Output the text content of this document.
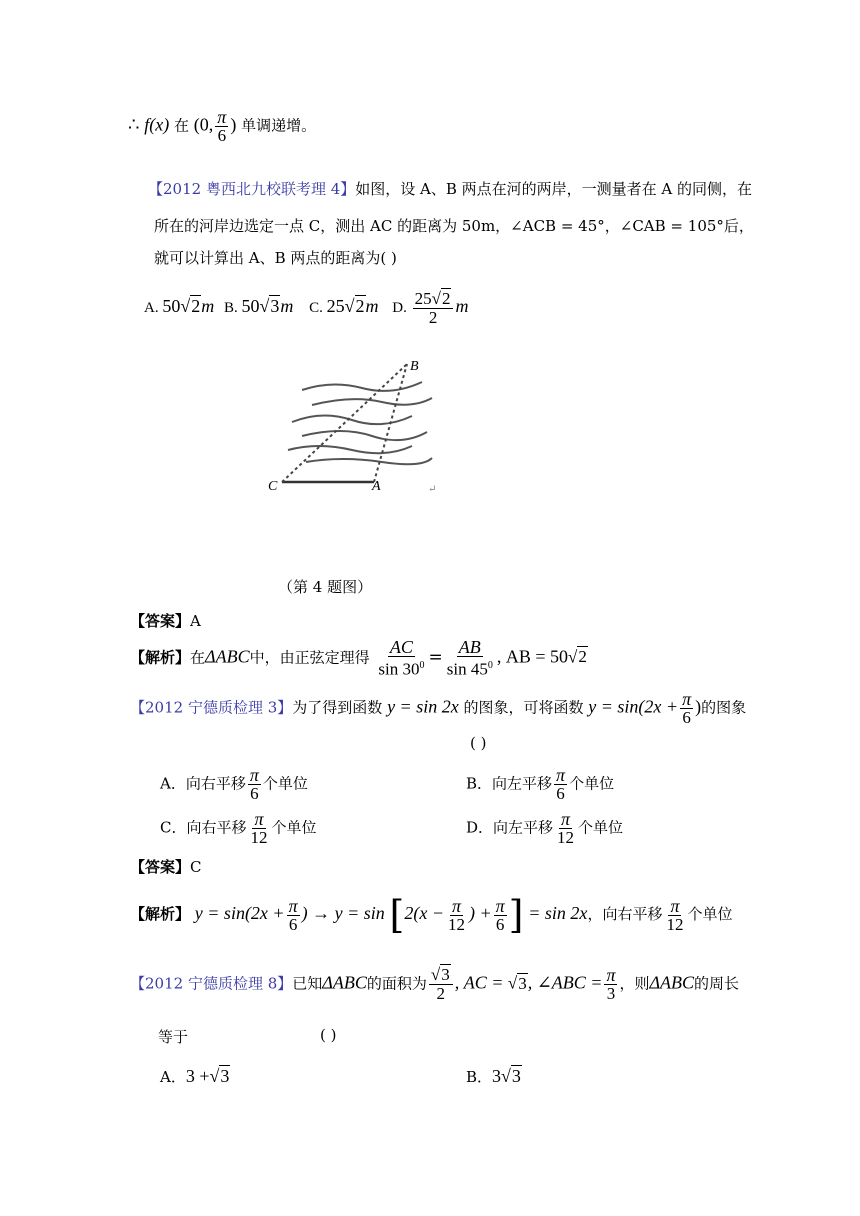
∴ f(x) 在 (0, $\frac{\pi}{6}$ ) 单调递增。
【2012 粤西北九校联考理 4】如图，设 A、B 两点在河的两岸，一测量者在 A 的同侧，在
所在的河岸边选定一点 C，测出 AC 的距离为 50m，∠ACB = 45°，∠CAB = 105°后，
就可以计算出 A、B 两点的距离为( )
A. 50√2m B. 50√3m C. 25√2m D. $\frac{25√2}{2}$ m
B
C	A	↵
（第 4 题图）
【答案】A
【解析】在ΔABC中，由正弦定理得 $\frac{AC}{\sin 30^0} = \frac{AB}{\sin 45^0}$ , AB = 50√2
【2012 宁德质检理 3】为了得到函数 y = sin 2x 的图象，可将函数 $y = \sin(2x + \frac{\pi}{6}$ )的图象
( )
A．向右平移 $\frac{\pi}{6}$ 个单位	B．向左平移 $\frac{\pi}{6}$ 个单位
C．向右平移 $\frac{\pi}{12}$ 个单位	D．向左平移 $\frac{\pi}{12}$ 个单位
【答案】C
【解析】 $y = \sin(2x + \frac{\pi}{6}$ ) → $y = \sin [2(x - \frac{\pi}{12}$ ) + $\frac{\pi}{6}$ ] = sin 2x，向右平移 $\frac{\pi}{12}$ 个单位
【2012 宁德质检理 8】已知ΔABC的面积为 $\frac{√3}{2}$ , AC = √3, ∠ABC = $\frac{\pi}{3}$ ，则ΔABC的周长
等于	( )
A．3 +√3	B．3√3
